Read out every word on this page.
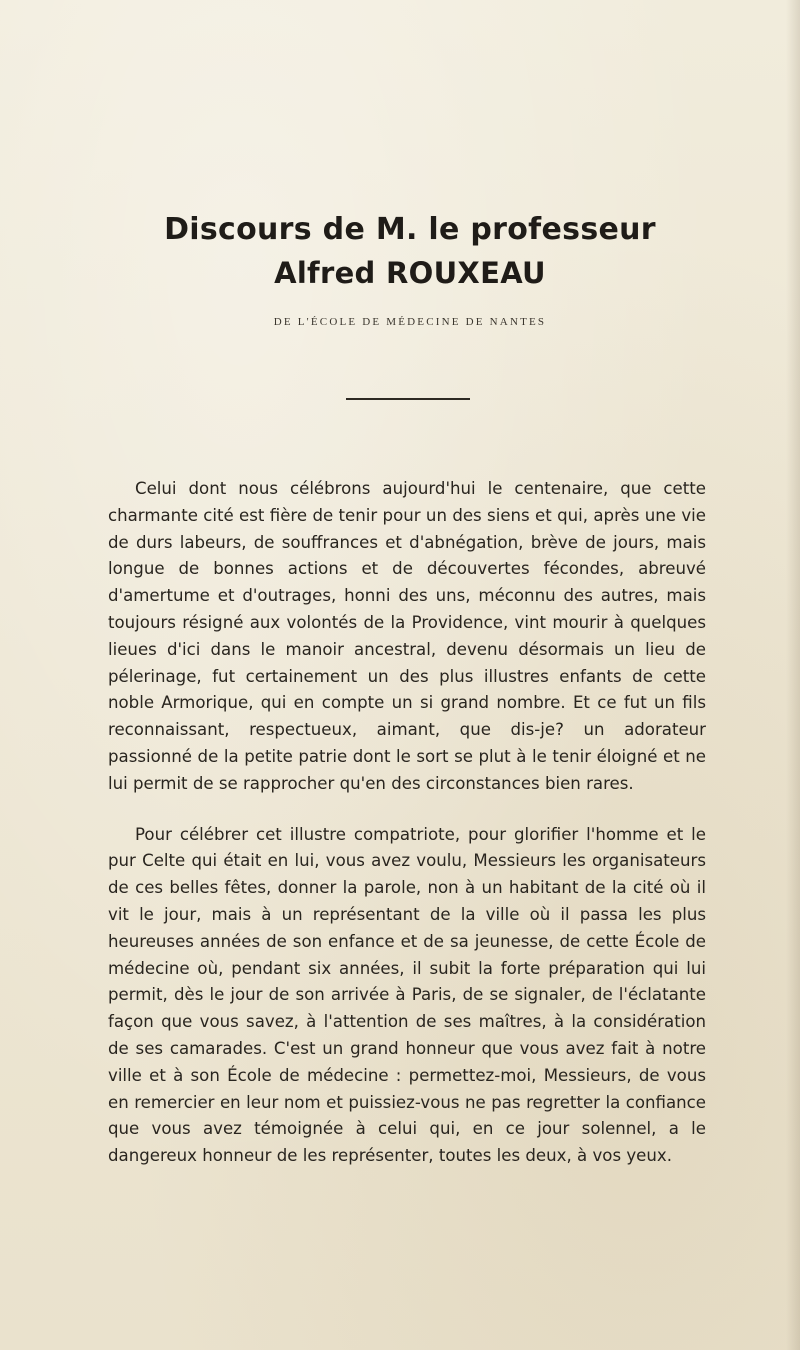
Discours de M. le professeur
Alfred ROUXEAU
DE L'ÉCOLE DE MÉDECINE DE NANTES

Celui dont nous célébrons aujourd'hui le centenaire, que cette charmante cité est fière de tenir pour un des siens et qui, après une vie de durs labeurs, de souffrances et d'abnégation, brève de jours, mais longue de bonnes actions et de découvertes fécondes, abreuvé d'amertume et d'outrages, honni des uns, méconnu des autres, mais toujours résigné aux volontés de la Providence, vint mourir à quelques lieues d'ici dans le manoir ancestral, devenu désormais un lieu de pélerinage, fut certainement un des plus illustres enfants de cette noble Armorique, qui en compte un si grand nombre. Et ce fut un fils reconnaissant, respectueux, aimant, que dis-je? un adorateur passionné de la petite patrie dont le sort se plut à le tenir éloigné et ne lui permit de se rapprocher qu'en des circonstances bien rares.

Pour célébrer cet illustre compatriote, pour glorifier l'homme et le pur Celte qui était en lui, vous avez voulu, Messieurs les organisateurs de ces belles fêtes, donner la parole, non à un habitant de la cité où il vit le jour, mais à un représentant de la ville où il passa les plus heureuses années de son enfance et de sa jeunesse, de cette École de médecine où, pendant six années, il subit la forte préparation qui lui permit, dès le jour de son arrivée à Paris, de se signaler, de l'éclatante façon que vous savez, à l'attention de ses maîtres, à la considération de ses camarades. C'est un grand honneur que vous avez fait à notre ville et à son École de médecine : permettez-moi, Messieurs, de vous en remercier en leur nom et puissiez-vous ne pas regretter la confiance que vous avez témoignée à celui qui, en ce jour solennel, a le dangereux honneur de les représenter, toutes les deux, à vos yeux.
